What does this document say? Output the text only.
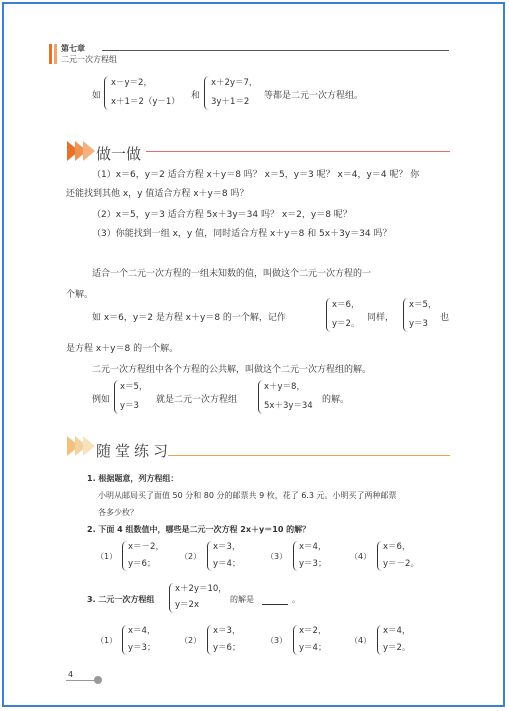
第七章
二元一次方程组
如
x－y＝2，
x＋1＝2（y－1）
和
x＋2y＝7，
3y＋1＝2
等都是二元一次方程组。
做一做
（1）x＝6，y＝2 适合方程 x＋y＝8 吗？ x＝5，y＝3 呢？ x＝4，y＝4 呢？ 你
还能找到其他 x，y 值适合方程 x＋y＝8 吗？
（2）x＝5，y＝3 适合方程 5x＋3y＝34 吗？ x＝2，y＝8 呢？
（3）你能找到一组 x，y 值，同时适合方程 x＋y＝8 和 5x＋3y＝34 吗？
适合一个二元一次方程的一组未知数的值，叫做这个二元一次方程的一
个解。
如 x＝6，y＝2 是方程 x＋y＝8 的一个解，记作
x＝6，
y＝2。
同样，
x＝5，
y＝3
也
是方程 x＋y＝8 的一个解。
二元一次方程组中各个方程的公共解，叫做这个二元一次方程组的解。
例如
x＝5，
y＝3
就是二元一次方程组
x＋y＝8，
5x＋3y＝34
的解。
随堂练习
1. 根据题意，列方程组：
小明从邮局买了面值 50 分和 80 分的邮票共 9 枚，花了 6.3 元。小明买了两种邮票
各多少枚？
2. 下面 4 组数值中，哪些是二元一次方程 2x＋y＝10 的解？
（1）
x＝－2，
y＝6；
（2）
x＝3，
y＝4；
（3）
x＝4，
y＝3；
（4）
x＝6，
y＝－2。
3. 二元一次方程组
x＋2y＝10，
y＝2x
的解是	。
（1）
x＝4，
y＝3；
（2）
x＝3，
y＝6；
（3）
x＝2，
y＝4；
（4）
x＝4，
y＝2。
4
